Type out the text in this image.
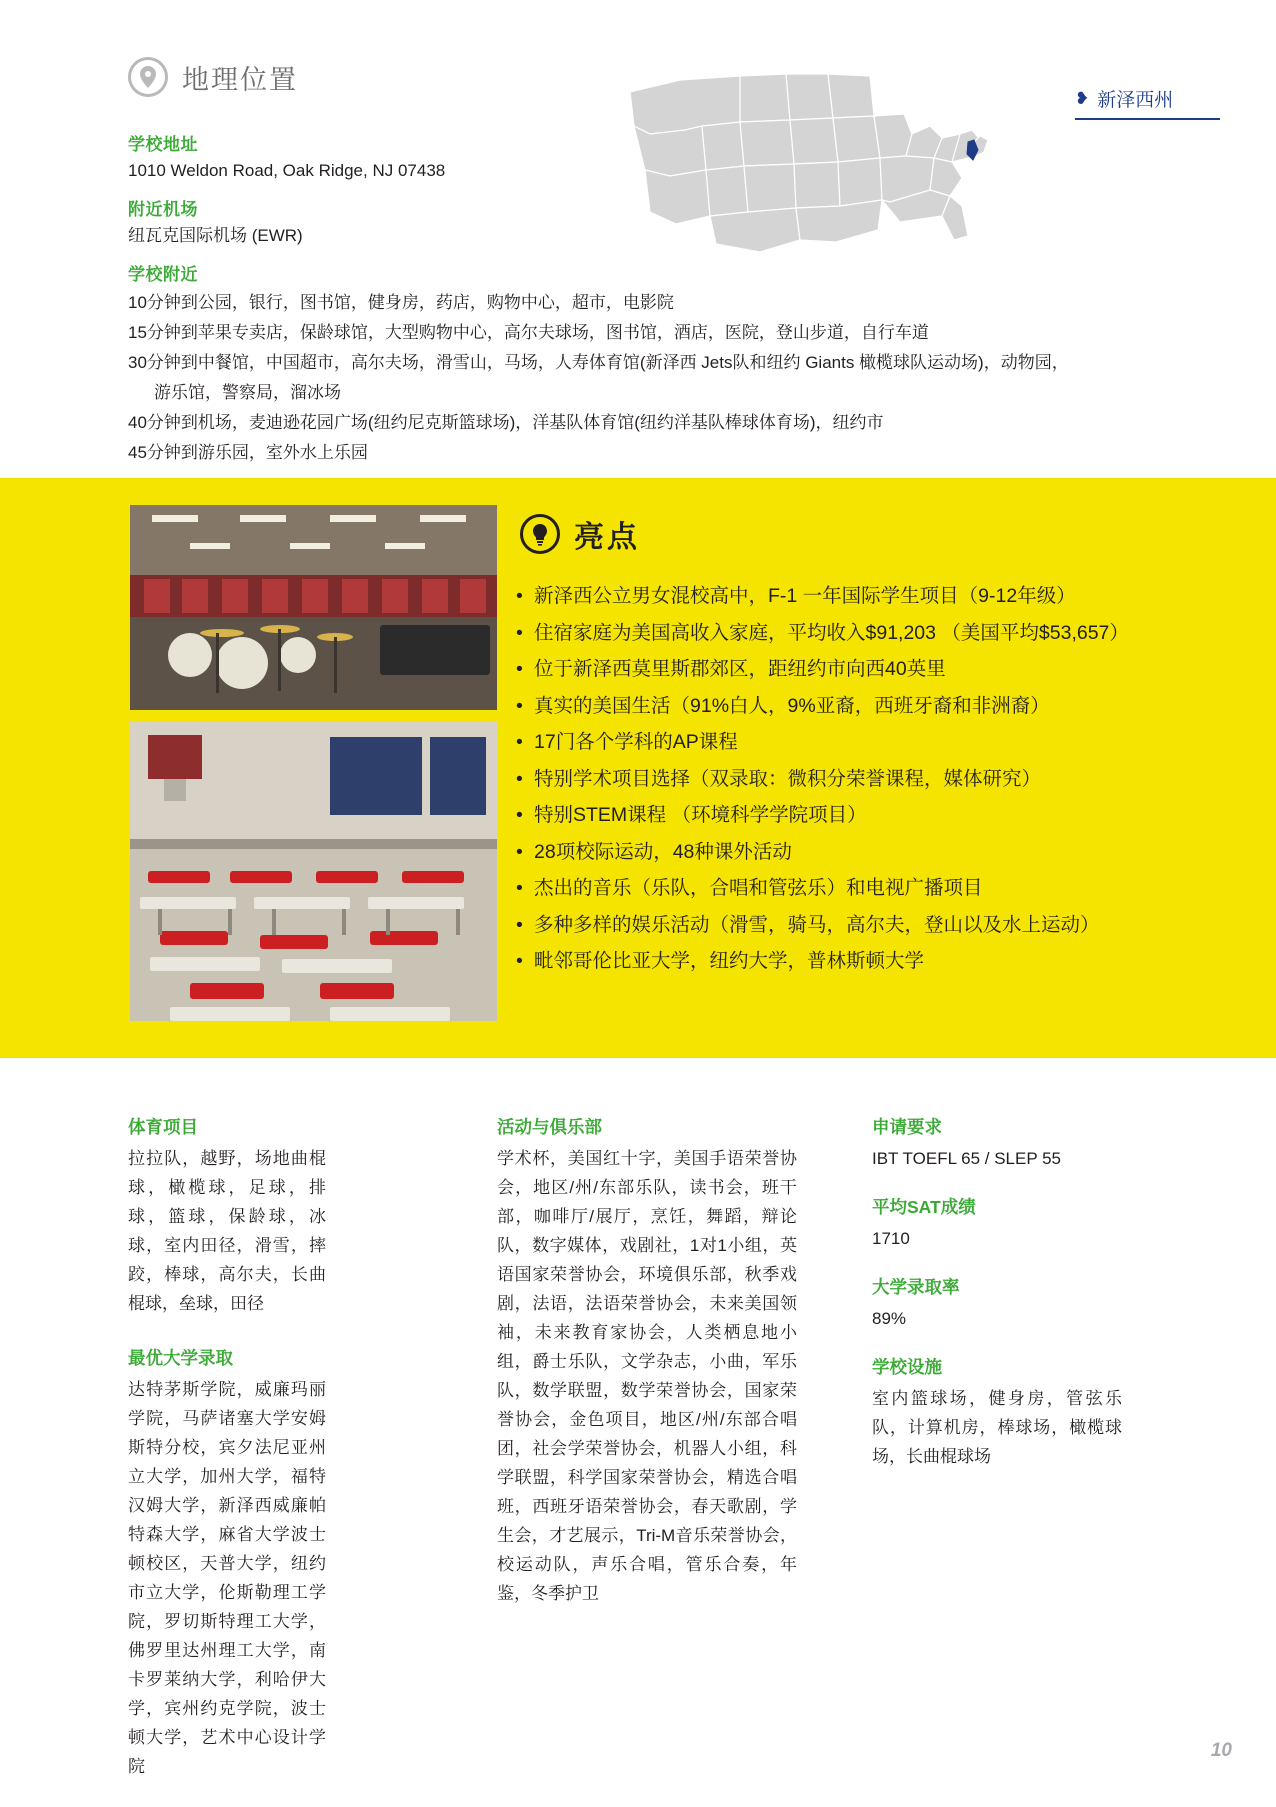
地理位置
❥ 新泽西州
学校地址
1010 Weldon Road, Oak Ridge, NJ 07438
附近机场
纽瓦克国际机场 (EWR)
学校附近
10分钟到公园，银行，图书馆，健身房，药店，购物中心，超市，电影院
15分钟到苹果专卖店，保龄球馆，大型购物中心，高尔夫球场，图书馆，酒店，医院，登山步道，自行车道
30分钟到中餐馆，中国超市，高尔夫场，滑雪山，马场，人寿体育馆(新泽西 Jets队和纽约 Giants 橄榄球队运动场)，动物园，
游乐馆，警察局，溜冰场
40分钟到机场，麦迪逊花园广场(纽约尼克斯篮球场)，洋基队体育馆(纽约洋基队棒球体育场)，纽约市
45分钟到游乐园，室外水上乐园
亮点
• 新泽西公立男女混校高中，F-1 一年国际学生项目（9-12年级）
• 住宿家庭为美国高收入家庭，平均收入$91,203 （美国平均$53,657）
• 位于新泽西莫里斯郡郊区，距纽约市向西40英里
• 真实的美国生活（91%白人，9%亚裔，西班牙裔和非洲裔）
• 17门各个学科的AP课程
• 特别学术项目选择（双录取：微积分荣誉课程，媒体研究）
• 特别STEM课程 （环境科学学院项目）
• 28项校际运动，48种课外活动
• 杰出的音乐（乐队，合唱和管弦乐）和电视广播项目
• 多种多样的娱乐活动（滑雪，骑马，高尔夫，登山以及水上运动）
• 毗邻哥伦比亚大学，纽约大学，普林斯顿大学
体育项目

拉拉队，越野，场地曲棍球，橄榄球，足球，排球，篮球，保龄球，冰球，室内田径，滑雪，摔跤，棒球，高尔夫，长曲棍球，垒球，田径

最优大学录取

达特茅斯学院，威廉玛丽学院，马萨诸塞大学安姆斯特分校，宾夕法尼亚州立大学，加州大学，福特汉姆大学，新泽西威廉帕特森大学，麻省大学波士顿校区，天普大学，纽约市立大学，伦斯勒理工学院，罗切斯特理工大学，佛罗里达州理工大学，南卡罗莱纳大学，利哈伊大学，宾州约克学院，波士顿大学，艺术中心设计学院

活动与俱乐部

学术杯，美国红十字，美国手语荣誉协会，地区/州/东部乐队，读书会，班干部，咖啡厅/展厅，烹饪，舞蹈，辩论队，数字媒体，戏剧社，1对1小组，英语国家荣誉协会，环境俱乐部，秋季戏剧，法语，法语荣誉协会，未来美国领袖，未来教育家协会，人类栖息地小组，爵士乐队，文学杂志，小曲，军乐队，数学联盟，数学荣誉协会，国家荣誉协会，金色项目，地区/州/东部合唱团，社会学荣誉协会，机器人小组，科学联盟，科学国家荣誉协会，精选合唱班，西班牙语荣誉协会，春天歌剧，学生会，才艺展示，Tri-M音乐荣誉协会，校运动队，声乐合唱，管乐合奏，年鉴，冬季护卫

申请要求

IBT TOEFL 65 / SLEP 55

平均SAT成绩

1710

大学录取率

89%

学校设施

室内篮球场，健身房，管弦乐队，计算机房，棒球场，橄榄球场，长曲棍球场

10
